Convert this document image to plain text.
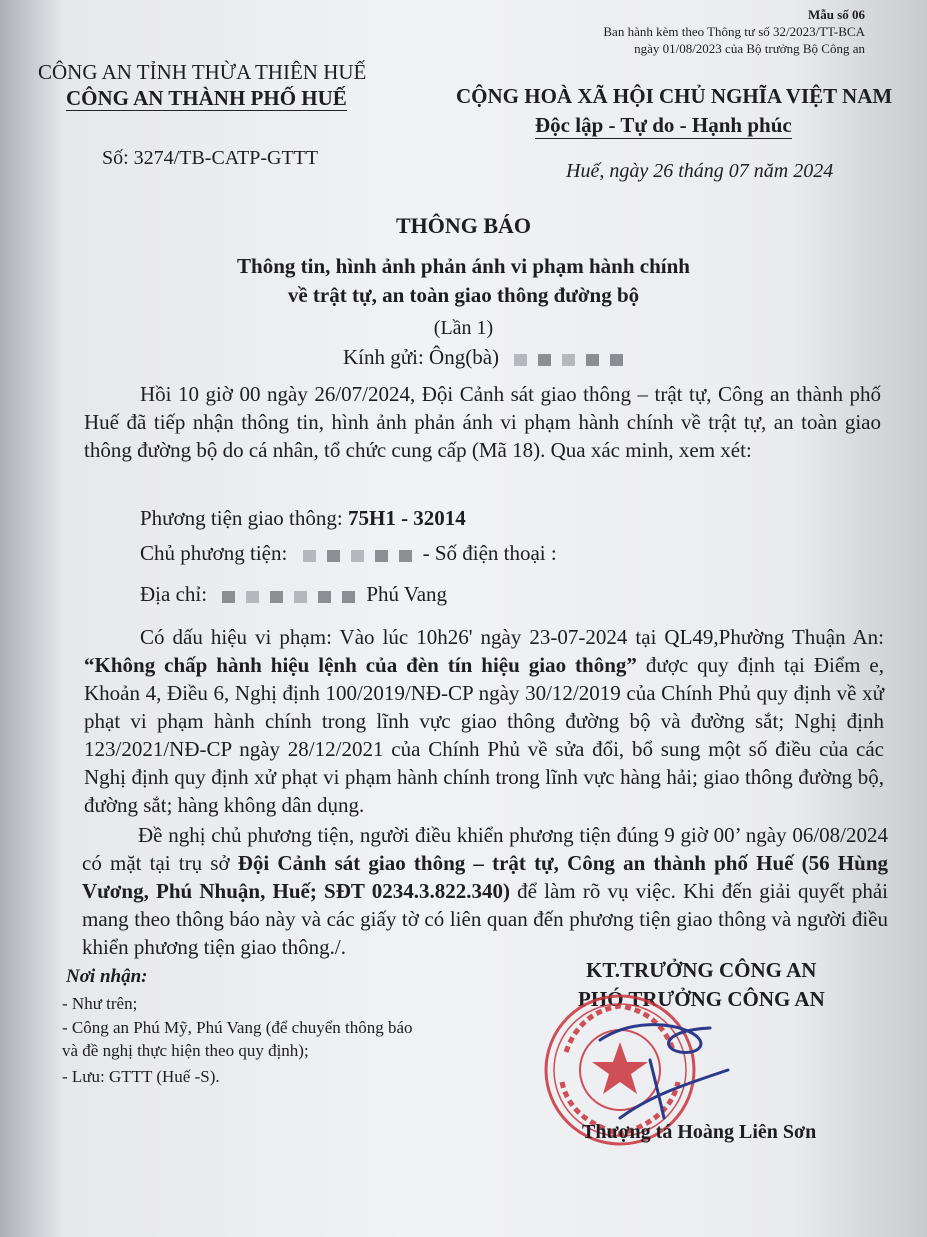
Mẫu số 06
Ban hành kèm theo Thông tư số 32/2023/TT-BCA
ngày 01/08/2023 của Bộ trưởng Bộ Công an
CÔNG AN TỈNH THỪA THIÊN HUẾ
CÔNG AN THÀNH PHỐ HUẾ
Số: 3274/TB-CATP-GTTT
CỘNG HOÀ XÃ HỘI CHỦ NGHĨA VIỆT NAM
Độc lập - Tự do - Hạnh phúc
Huế, ngày 26 tháng 07 năm 2024
THÔNG BÁO
Thông tin, hình ảnh phản ánh vi phạm hành chính
về trật tự, an toàn giao thông đường bộ
(Lần 1)
Kính gửi: Ông(bà)
Hồi 10 giờ 00 ngày 26/07/2024, Đội Cảnh sát giao thông – trật tự, Công an thành phố Huế đã tiếp nhận thông tin, hình ảnh phản ánh vi phạm hành chính về trật tự, an toàn giao thông đường bộ do cá nhân, tổ chức cung cấp (Mã 18). Qua xác minh, xem xét:
Phương tiện giao thông: 75H1 - 32014
Chủ phương tiện:	- Số điện thoại :
Địa chỉ:	Phú Vang
Có dấu hiệu vi phạm: Vào lúc 10h26' ngày 23-07-2024 tại QL49,Phường Thuận An: “Không chấp hành hiệu lệnh của đèn tín hiệu giao thông” được quy định tại Điểm e, Khoản 4, Điều 6, Nghị định 100/2019/NĐ-CP ngày 30/12/2019 của Chính Phủ quy định về xử phạt vi phạm hành chính trong lĩnh vực giao thông đường bộ và đường sắt; Nghị định 123/2021/NĐ-CP ngày 28/12/2021 của Chính Phủ về sửa đổi, bổ sung một số điều của các Nghị định quy định xử phạt vi phạm hành chính trong lĩnh vực hàng hải; giao thông đường bộ, đường sắt; hàng không dân dụng.
Đề nghị chủ phương tiện, người điều khiển phương tiện đúng 9 giờ 00’ ngày 06/08/2024 có mặt tại trụ sở Đội Cảnh sát giao thông – trật tự, Công an thành phố Huế (56 Hùng Vương, Phú Nhuận, Huế; SĐT 0234.3.822.340) để làm rõ vụ việc. Khi đến giải quyết phải mang theo thông báo này và các giấy tờ có liên quan đến phương tiện giao thông và người điều khiển phương tiện giao thông./.
Nơi nhận:
- Như trên;
- Công an Phú Mỹ, Phú Vang (để chuyển thông báo
và đề nghị thực hiện theo quy định);
- Lưu: GTTT (Huế -S).
KT.TRƯỞNG CÔNG AN
PHÓ TRƯỞNG CÔNG AN
Thượng tá Hoàng Liên Sơn
